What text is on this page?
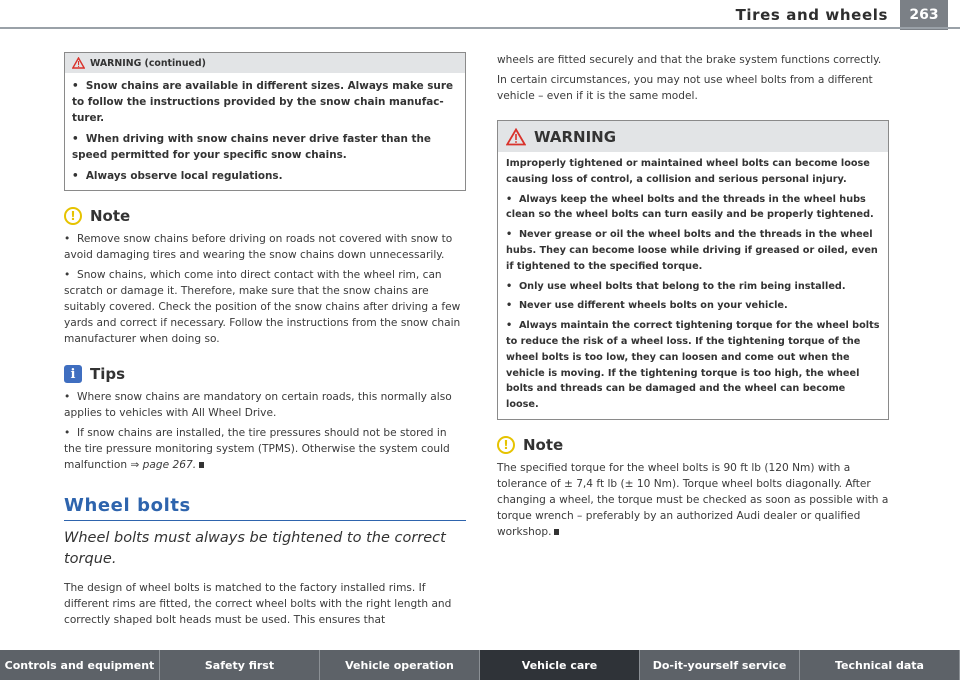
Tires and wheels	263
WARNING (continued)

•  Snow chains are available in different sizes. Always make sure to follow the instructions provided by the snow chain manufacturer.

•  When driving with snow chains never drive faster than the speed permitted for your specific snow chains.

•  Always observe local regulations.

! Note

•  Remove snow chains before driving on roads not covered with snow to avoid damaging tires and wearing the snow chains down unnecessarily.

•  Snow chains, which come into direct contact with the wheel rim, can scratch or damage it. Therefore, make sure that the snow chains are suitably covered. Check the position of the snow chains after driving a few yards and correct if necessary. Follow the instructions from the snow chain manufacturer when doing so.

i Tips

•  Where snow chains are mandatory on certain roads, this normally also applies to vehicles with All Wheel Drive.

•  If snow chains are installed, the tire pressures should not be stored in the tire pressure monitoring system (TPMS). Otherwise the system could malfunction ⇒ page 267.

Wheel bolts
Wheel bolts must always be tightened to the correct torque.

The design of wheel bolts is matched to the factory installed rims. If different rims are fitted, the correct wheel bolts with the right length and correctly shaped bolt heads must be used. This ensures that

wheels are fitted securely and that the brake system functions correctly.

In certain circumstances, you may not use wheel bolts from a different vehicle – even if it is the same model.

WARNING

Improperly tightened or maintained wheel bolts can become loose causing loss of control, a collision and serious personal injury.

•  Always keep the wheel bolts and the threads in the wheel hubs clean so the wheel bolts can turn easily and be properly tightened.

•  Never grease or oil the wheel bolts and the threads in the wheel hubs. They can become loose while driving if greased or oiled, even if tightened to the specified torque.

•  Only use wheel bolts that belong to the rim being installed.

•  Never use different wheels bolts on your vehicle.

•  Always maintain the correct tightening torque for the wheel bolts to reduce the risk of a wheel loss. If the tightening torque of the wheel bolts is too low, they can loosen and come out when the vehicle is moving. If the tightening torque is too high, the wheel bolts and threads can be damaged and the wheel can become loose.

! Note

The specified torque for the wheel bolts is 90 ft lb (120 Nm) with a tolerance of ± 7,4 ft lb (± 10 Nm). Torque wheel bolts diagonally. After changing a wheel, the torque must be checked as soon as possible with a torque wrench – preferably by an authorized Audi dealer or qualified workshop.

Controls and equipment	Safety first	Vehicle operation	Vehicle care	Do-it-yourself service	Technical data
